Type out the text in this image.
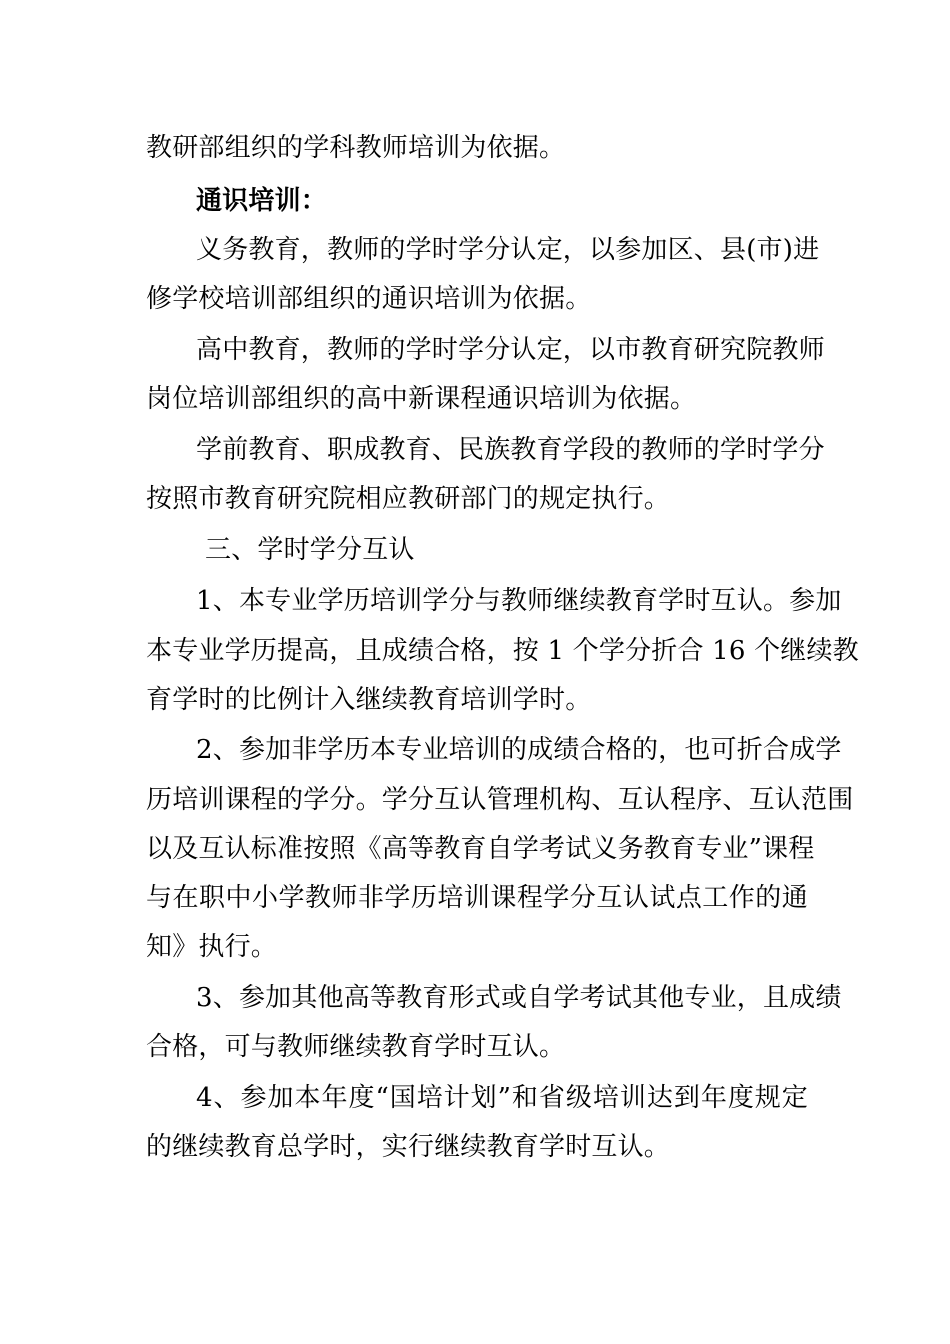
教研部组织的学科教师培训为依据。
通识培训：
义务教育，教师的学时学分认定，以参加区、县(市)进
修学校培训部组织的通识培训为依据。
高中教育，教师的学时学分认定，以市教育研究院教师
岗位培训部组织的高中新课程通识培训为依据。
学前教育、职成教育、民族教育学段的教师的学时学分
按照市教育研究院相应教研部门的规定执行。
三、学时学分互认
1、本专业学历培训学分与教师继续教育学时互认。参加
本专业学历提高，且成绩合格，按 1 个学分折合 16 个继续教
育学时的比例计入继续教育培训学时。
2、参加非学历本专业培训的成绩合格的，也可折合成学
历培训课程的学分。学分互认管理机构、互认程序、互认范围
以及互认标准按照《高等教育自学考试义务教育专业”课程
与在职中小学教师非学历培训课程学分互认试点工作的通
知》执行。
3、参加其他高等教育形式或自学考试其他专业，且成绩
合格，可与教师继续教育学时互认。
4、参加本年度“国培计划”和省级培训达到年度规定
的继续教育总学时，实行继续教育学时互认。
